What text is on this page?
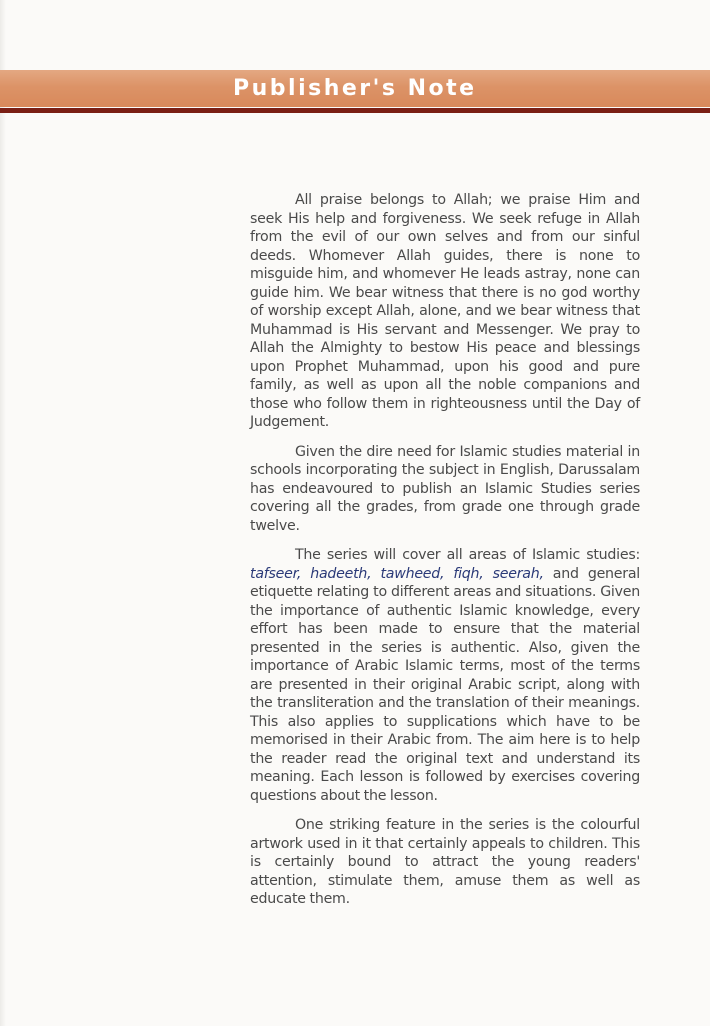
Publisher's Note

All praise belongs to Allah; we praise Him and seek His help and forgiveness. We seek refuge in Allah from the evil of our own selves and from our sinful deeds. Whomever Allah guides, there is none to misguide him, and whomever He leads astray, none can guide him. We bear witness that there is no god worthy of worship except Allah, alone, and we bear witness that Muhammad is His servant and Messenger. We pray to Allah the Almighty to bestow His peace and blessings upon Prophet Muhammad, upon his good and pure family, as well as upon all the noble companions and those who follow them in righteousness until the Day of Judgement.

Given the dire need for Islamic studies material in schools incorporating the subject in English, Darussalam has endeavoured to publish an Islamic Studies series covering all the grades, from grade one through grade twelve.

The series will cover all areas of Islamic studies: tafseer, hadeeth, tawheed, fiqh, seerah, and general etiquette relating to different areas and situations. Given the importance of authentic Islamic knowledge, every effort has been made to ensure that the material presented in the series is authentic. Also, given the importance of Arabic Islamic terms, most of the terms are presented in their original Arabic script, along with the transliteration and the translation of their meanings. This also applies to supplications which have to be memorised in their Arabic from. The aim here is to help the reader read the original text and understand its meaning. Each lesson is followed by exercises covering questions about the lesson.

One striking feature in the series is the colourful artwork used in it that certainly appeals to children. This is certainly bound to attract the young readers' attention, stimulate them, amuse them as well as educate them.
